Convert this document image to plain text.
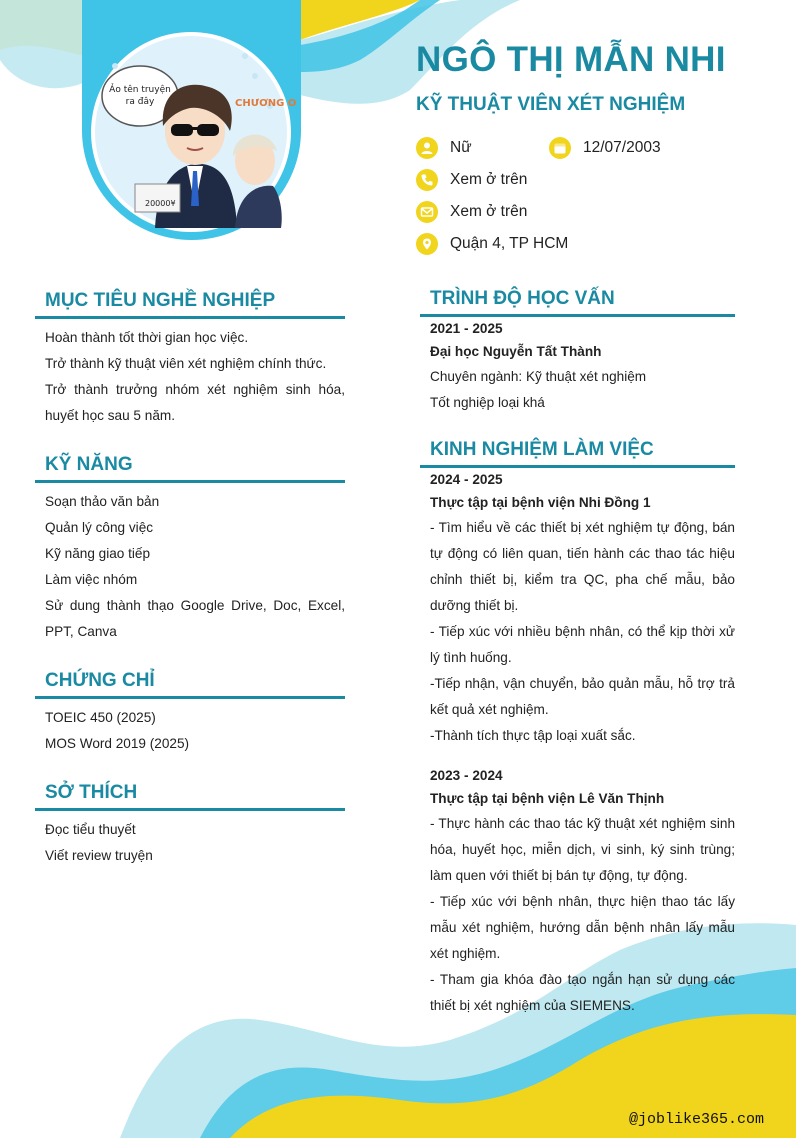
Ảo tên truyện ra đây	CHƯƠNG O
20000¥
NGÔ THỊ MẪN NHI
KỸ THUẬT VIÊN XÉT NGHIỆM
Nữ	12/07/2003
Xem ở trên
Xem ở trên
Quận 4, TP HCM
MỤC TIÊU NGHỀ NGHIỆP
Hoàn thành tốt thời gian học việc.
Trở thành kỹ thuật viên xét nghiệm chính thức.
Trở thành trưởng nhóm xét nghiệm sinh hóa, huyết học sau 5 năm.
KỸ NĂNG
Soạn thảo văn bản
Quản lý công việc
Kỹ năng giao tiếp
Làm việc nhóm
Sử dung thành thạo Google Drive, Doc, Excel, PPT, Canva
CHỨNG CHỈ
TOEIC 450 (2025)
MOS Word 2019 (2025)
SỞ THÍCH
Đọc tiểu thuyết
Viết review truyện
TRÌNH ĐỘ HỌC VẤN
2021 - 2025
Đại học Nguyễn Tất Thành
Chuyên ngành: Kỹ thuật xét nghiệm
Tốt nghiệp loại khá
KINH NGHIỆM LÀM VIỆC
2024 - 2025
Thực tập tại bệnh viện Nhi Đồng 1
- Tìm hiểu về các thiết bị xét nghiệm tự động, bán tự động có liên quan, tiến hành các thao tác hiệu chỉnh thiết bị, kiểm tra QC, pha chế mẫu, bảo dưỡng thiết bị.
- Tiếp xúc với nhiều bệnh nhân, có thể kịp thời xử lý tình huống.
-Tiếp nhận, vận chuyển, bảo quản mẫu, hỗ trợ trả kết quả xét nghiệm.
-Thành tích thực tập loại xuất sắc.
2023 - 2024
Thực tập tại bệnh viện Lê Văn Thịnh
- Thực hành các thao tác kỹ thuật xét nghiệm sinh hóa, huyết học, miễn dịch, vi sinh, ký sinh trùng; làm quen với thiết bị bán tự động, tự động.
- Tiếp xúc với bệnh nhân, thực hiện thao tác lấy mẫu xét nghiệm, hướng dẫn bệnh nhân lấy mẫu xét nghiệm.
- Tham gia khóa đào tạo ngắn hạn sử dụng các thiết bị xét nghiệm của SIEMENS.
@joblike365.com
